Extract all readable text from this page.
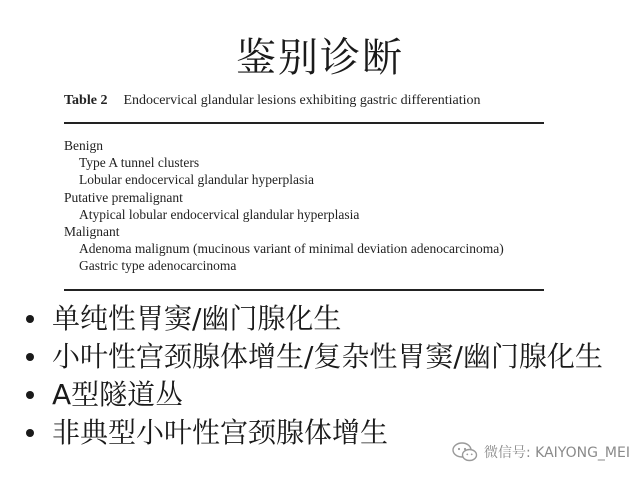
鉴别诊断
Table 2 Endocervical glandular lesions exhibiting gastric differentiation
Benign
Type A tunnel clusters
Lobular endocervical glandular hyperplasia
Putative premalignant
Atypical lobular endocervical glandular hyperplasia
Malignant
Adenoma malignum (mucinous variant of minimal deviation adenocarcinoma)
Gastric type adenocarcinoma
单纯性胃窦/幽门腺化生
小叶性宫颈腺体增生/复杂性胃窦/幽门腺化生
A型隧道丛
非典型小叶性宫颈腺体增生
微信号: KAIYONG_MEI
